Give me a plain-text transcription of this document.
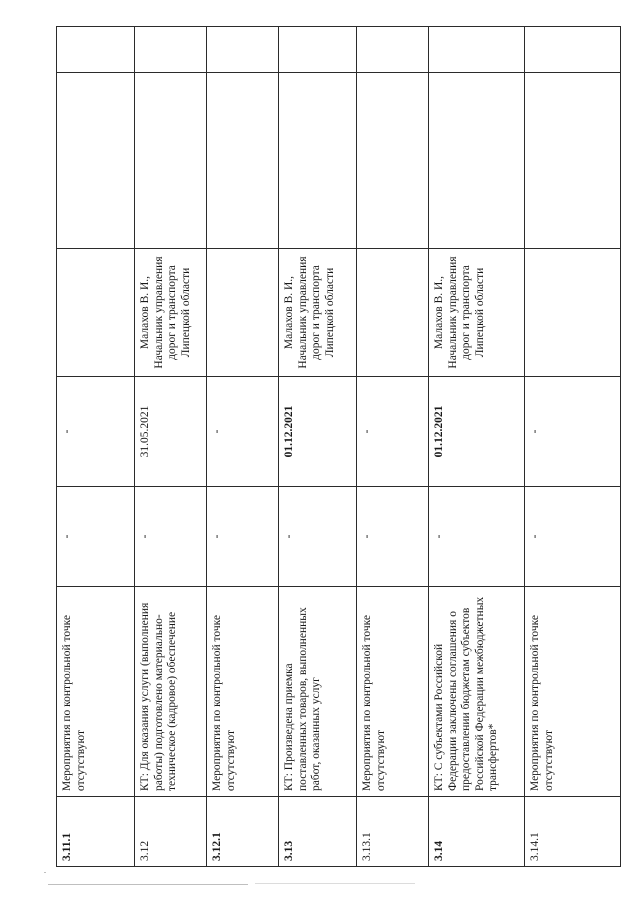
3.11.1	Мероприятия по контрольной точке отсутствуют	-	-			
3.12	КТ: Для оказания услуги (выполнения работы) подготовлено материально-техническое (кадровое) обеспечение	-	31.05.2021	Малахов В. И., Начальник управления дорог и транспорта Липецкой области		
3.12.1	Мероприятия по контрольной точке отсутствуют	-	-			
3.13	КТ: Произведена приемка поставленных товаров, выполненных работ, оказанных услуг	-	01.12.2021	Малахов В. И., Начальник управления дорог и транспорта Липецкой области		
3.13.1	Мероприятия по контрольной точке отсутствуют	-	-			
3.14	КТ: С субъектами Российской Федерации заключены соглашения о предоставлении бюджетам субъектов Российской Федерации межбюджетных трансфертов*	-	01.12.2021	Малахов В. И., Начальник управления дорог и транспорта Липецкой области		
3.14.1	Мероприятия по контрольной точке отсутствуют	-	-			
